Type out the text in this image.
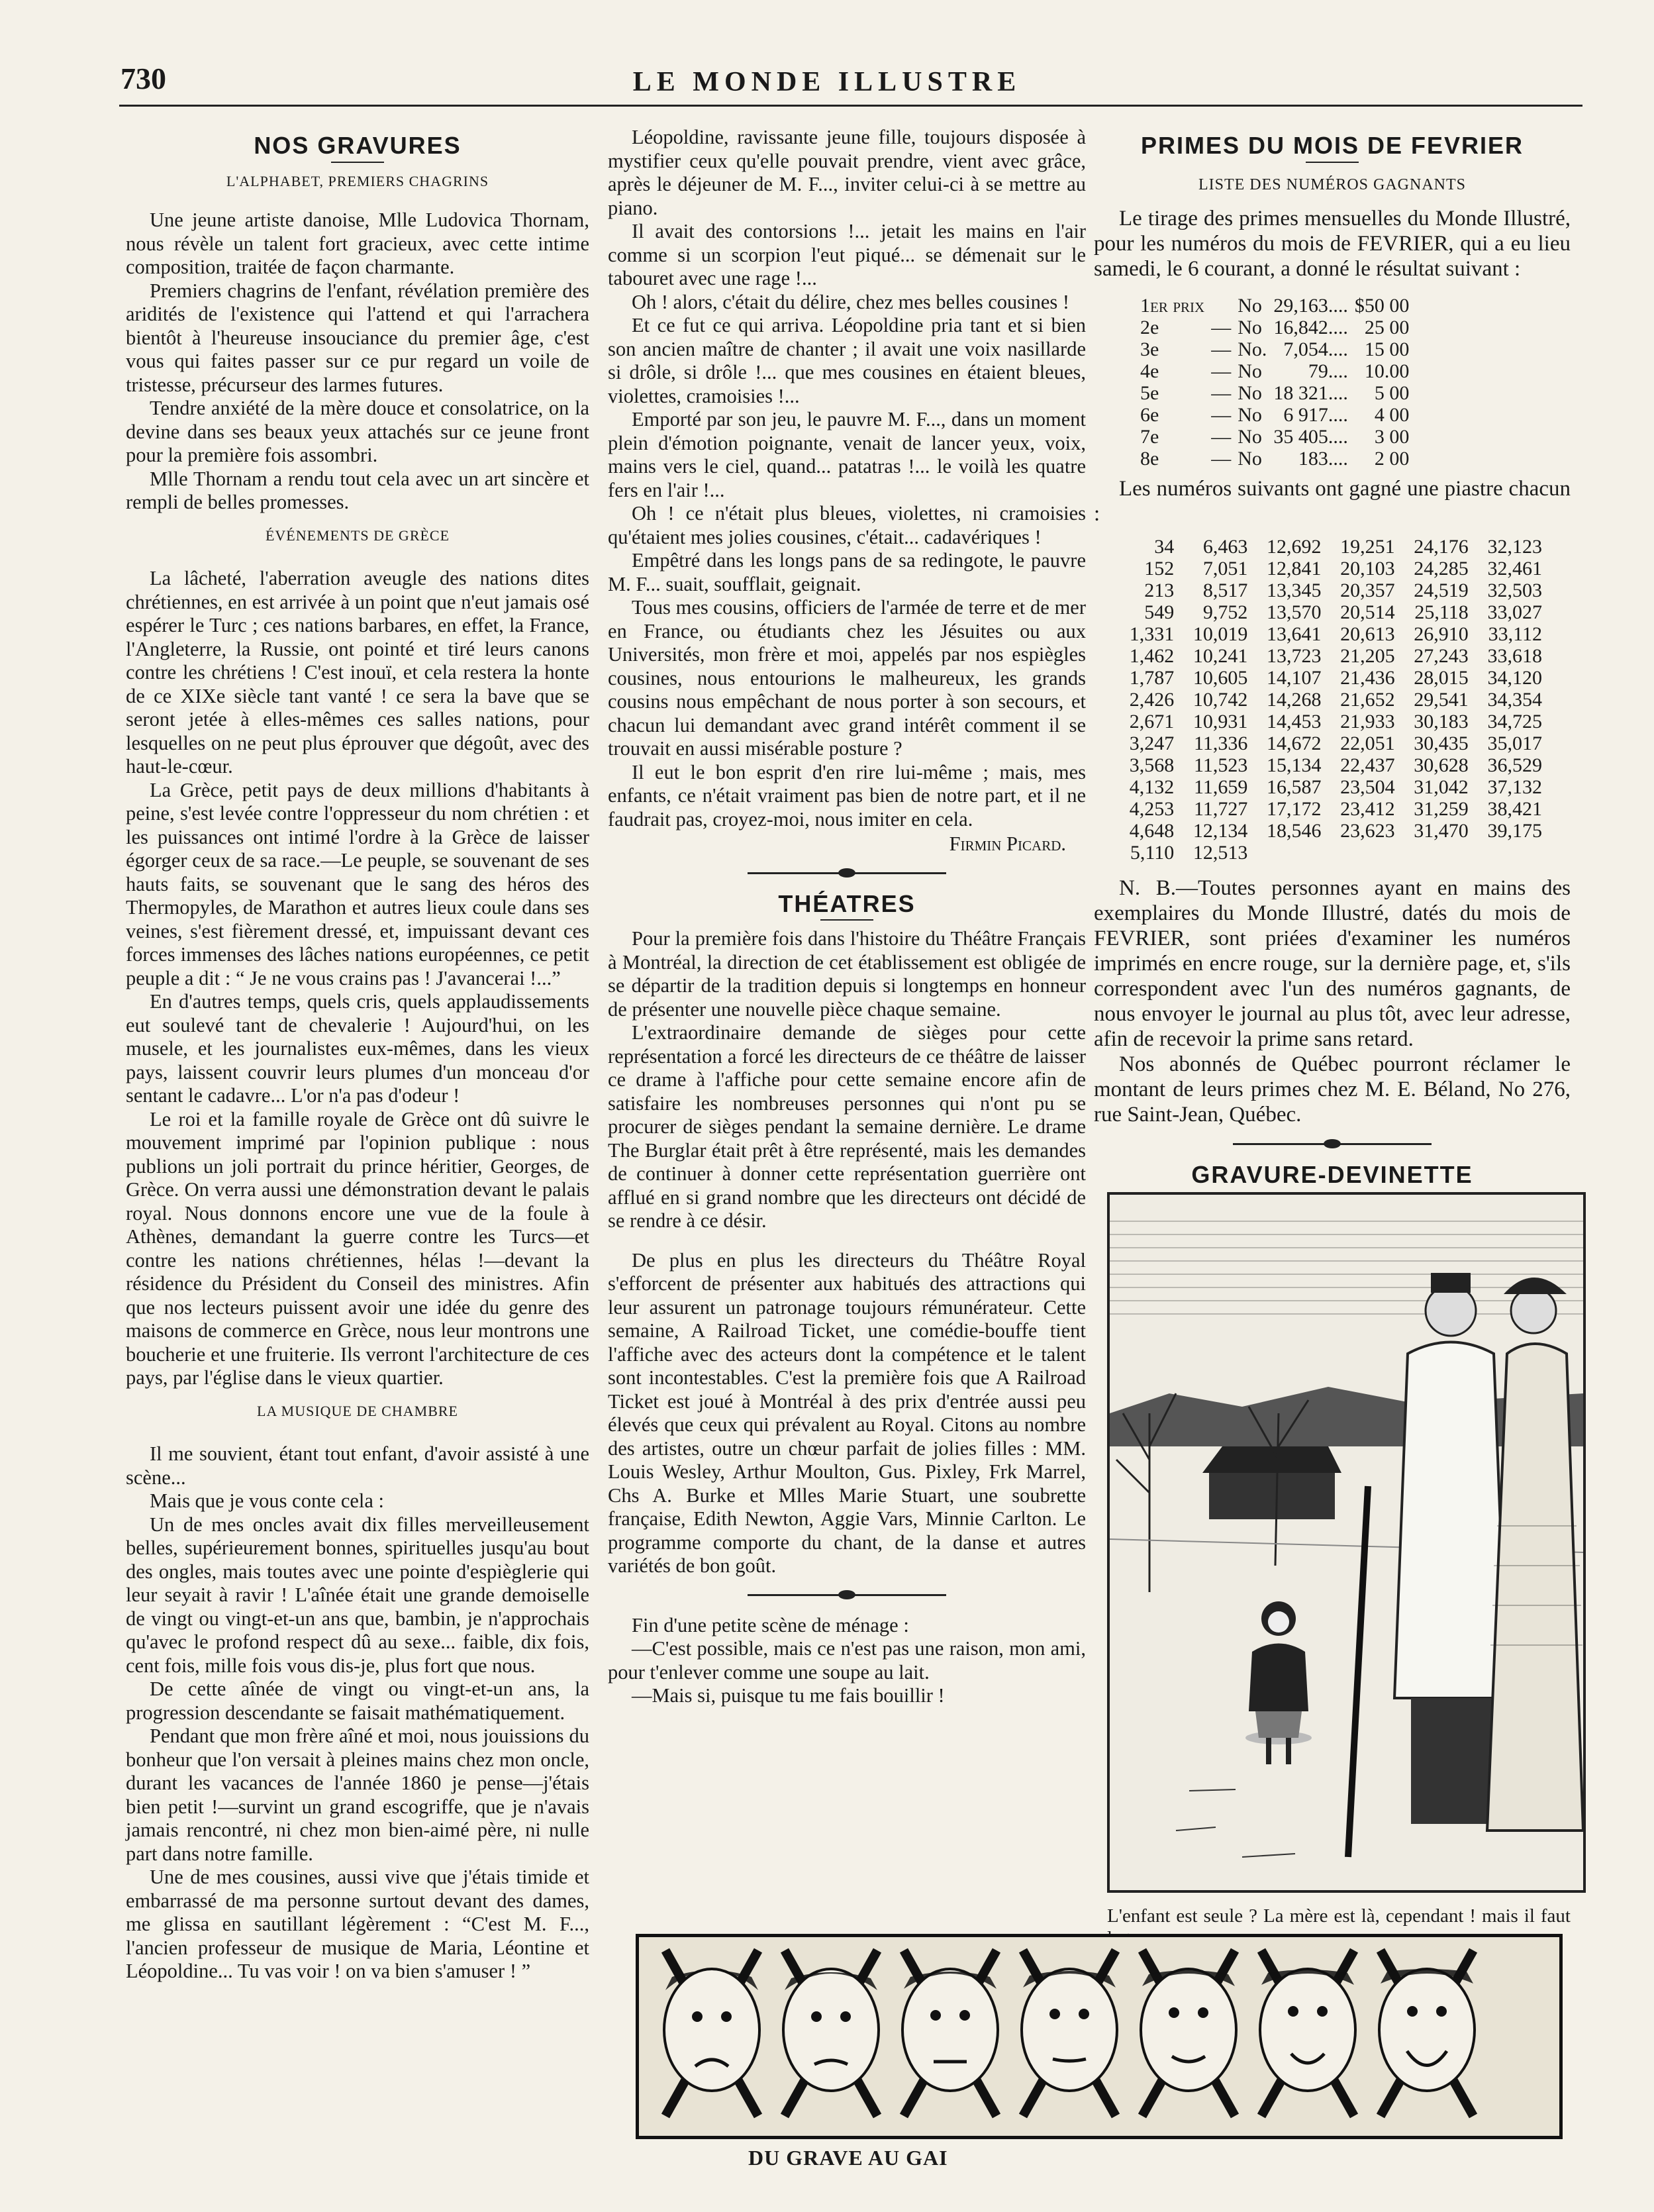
730	LE MONDE ILLUSTRE
NOS GRAVURES
L'ALPHABET, PREMIERS CHAGRINS

Une jeune artiste danoise, Mlle Ludovica Thornam, nous révèle un talent fort gracieux, avec cette intime composition, traitée de façon charmante.

Premiers chagrins de l'enfant, révélation première des aridités de l'existence qui l'attend et qui l'arrachera bientôt à l'heureuse insouciance du premier âge, c'est vous qui faites passer sur ce pur regard un voile de tristesse, précurseur des larmes futures.

Tendre anxiété de la mère douce et consolatrice, on la devine dans ses beaux yeux attachés sur ce jeune front pour la première fois assombri.

Mlle Thornam a rendu tout cela avec un art sincère et rempli de belles promesses.

ÉVÉNEMENTS DE GRÈCE

La lâcheté, l'aberration aveugle des nations dites chrétiennes, en est arrivée à un point que n'eut jamais osé espérer le Turc ; ces nations barbares, en effet, la France, l'Angleterre, la Russie, ont pointé et tiré leurs canons contre les chrétiens ! C'est inouï, et cela restera la honte de ce XIXe siècle tant vanté ! ce sera la bave que se seront jetée à elles-mêmes ces salles nations, pour lesquelles on ne peut plus éprouver que dégoût, avec des haut-le-cœur.

La Grèce, petit pays de deux millions d'habitants à peine, s'est levée contre l'oppresseur du nom chrétien : et les puissances ont intimé l'ordre à la Grèce de laisser égorger ceux de sa race.—Le peuple, se souvenant de ses hauts faits, se souvenant que le sang des héros des Thermopyles, de Marathon et autres lieux coule dans ses veines, s'est fièrement dressé, et, impuissant devant ces forces immenses des lâches nations européennes, ce petit peuple a dit : “ Je ne vous crains pas ! J'avancerai !...”

En d'autres temps, quels cris, quels applaudissements eut soulevé tant de chevalerie ! Aujourd'hui, on les musele, et les journalistes eux-mêmes, dans les vieux pays, laissent couvrir leurs plumes d'un monceau d'or sentant le cadavre... L'or n'a pas d'odeur !

Le roi et la famille royale de Grèce ont dû suivre le mouvement imprimé par l'opinion publique : nous publions un joli portrait du prince héritier, Georges, de Grèce. On verra aussi une démonstration devant le palais royal. Nous donnons encore une vue de la foule à Athènes, demandant la guerre contre les Turcs—et contre les nations chrétiennes, hélas !—devant la résidence du Président du Conseil des ministres. Afin que nos lecteurs puissent avoir une idée du genre des maisons de commerce en Grèce, nous leur montrons une boucherie et une fruiterie. Ils verront l'architecture de ces pays, par l'église dans le vieux quartier.

LA MUSIQUE DE CHAMBRE

Il me souvient, étant tout enfant, d'avoir assisté à une scène...

Mais que je vous conte cela :

Un de mes oncles avait dix filles merveilleusement belles, supérieurement bonnes, spirituelles jusqu'au bout des ongles, mais toutes avec une pointe d'espièglerie qui leur seyait à ravir ! L'aînée était une grande demoiselle de vingt ou vingt-et-un ans que, bambin, je n'approchais qu'avec le profond respect dû au sexe... faible, dix fois, cent fois, mille fois vous dis-je, plus fort que nous.

De cette aînée de vingt ou vingt-et-un ans, la progression descendante se faisait mathématiquement.

Pendant que mon frère aîné et moi, nous jouissions du bonheur que l'on versait à pleines mains chez mon oncle, durant les vacances de l'année 1860 je pense—j'étais bien petit !—survint un grand escogriffe, que je n'avais jamais rencontré, ni chez mon bien-aimé père, ni nulle part dans notre famille.

Une de mes cousines, aussi vive que j'étais timide et embarrassé de ma personne surtout devant des dames, me glissa en sautillant légèrement : “C'est M. F..., l'ancien professeur de musique de Maria, Léontine et Léopoldine... Tu vas voir ! on va bien s'amuser ! ”

Léopoldine, ravissante jeune fille, toujours disposée à mystifier ceux qu'elle pouvait prendre, vient avec grâce, après le déjeuner de M. F..., inviter celui-ci à se mettre au piano.

Il avait des contorsions !... jetait les mains en l'air comme si un scorpion l'eut piqué... se démenait sur le tabouret avec une rage !...

Oh ! alors, c'était du délire, chez mes belles cousines !

Et ce fut ce qui arriva. Léopoldine pria tant et si bien son ancien maître de chanter ; il avait une voix nasillarde si drôle, si drôle !... que mes cousines en étaient bleues, violettes, cramoisies !...

Emporté par son jeu, le pauvre M. F..., dans un moment plein d'émotion poignante, venait de lancer yeux, voix, mains vers le ciel, quand... patatras !... le voilà les quatre fers en l'air !...

Oh ! ce n'était plus bleues, violettes, ni cramoisies qu'étaient mes jolies cousines, c'était... cadavériques !

Empêtré dans les longs pans de sa redingote, le pauvre M. F... suait, soufflait, geignait.

Tous mes cousins, officiers de l'armée de terre et de mer en France, ou étudiants chez les Jésuites ou aux Universités, mon frère et moi, appelés par nos espiègles cousines, nous entourions le malheureux, les grands cousins nous empêchant de nous porter à son secours, et chacun lui demandant avec grand intérêt comment il se trouvait en aussi misérable posture ?

Il eut le bon esprit d'en rire lui-même ; mais, mes enfants, ce n'était vraiment pas bien de notre part, et il ne faudrait pas, croyez-moi, nous imiter en cela.

Firmin Picard.
THÉATRES

Pour la première fois dans l'histoire du Théâtre Français à Montréal, la direction de cet établissement est obligée de se départir de la tradition depuis si longtemps en honneur de présenter une nouvelle pièce chaque semaine.

L'extraordinaire demande de sièges pour cette représentation a forcé les directeurs de ce théâtre de laisser ce drame à l'affiche pour cette semaine encore afin de satisfaire les nombreuses personnes qui n'ont pu se procurer de sièges pendant la semaine dernière. Le drame The Burglar était prêt à être représenté, mais les demandes de continuer à donner cette représentation guerrière ont afflué en si grand nombre que les directeurs ont décidé de se rendre à ce désir.

De plus en plus les directeurs du Théâtre Royal s'efforcent de présenter aux habitués des attractions qui leur assurent un patronage toujours rémunérateur. Cette semaine, A Railroad Ticket, une comédie-bouffe tient l'affiche avec des acteurs dont la compétence et le talent sont incontestables. C'est la première fois que A Railroad Ticket est joué à Montréal à des prix d'entrée aussi peu élevés que ceux qui prévalent au Royal. Citons au nombre des artistes, outre un chœur parfait de jolies filles : MM. Louis Wesley, Arthur Moulton, Gus. Pixley, Frk Marrel, Chs A. Burke et Mlles Marie Stuart, une soubrette française, Edith Newton, Aggie Vars, Minnie Carlton. Le programme comporte du chant, de la danse et autres variétés de bon goût.

Fin d'une petite scène de ménage :

—C'est possible, mais ce n'est pas une raison, mon ami, pour t'enlever comme une soupe au lait.

—Mais si, puisque tu me fais bouillir !

PRIMES DU MOIS DE FEVRIER
LISTE DES NUMÉROS GAGNANTS

Le tirage des primes mensuelles du Monde Illustré, pour les numéros du mois de FEVRIER, qui a eu lieu samedi, le 6 courant, a donné le résultat suivant :

1er prix		No	29,163....	$50 00
2e	—	No	16,842....	25 00
3e	—	No.	7,054....	15 00
4e	—	No	79....	10.00
5e	—	No	18 321....	5 00
6e	—	No	6 917....	4 00
7e	—	No	35 405....	3 00
8e	—	No	183....	2 00

Les numéros suivants ont gagné une piastre chacun :

34	6,463	12,692	19,251	24,176	32,123
152	7,051	12,841	20,103	24,285	32,461
213	8,517	13,345	20,357	24,519	32,503
549	9,752	13,570	20,514	25,118	33,027
1,331	10,019	13,641	20,613	26,910	33,112
1,462	10,241	13,723	21,205	27,243	33,618
1,787	10,605	14,107	21,436	28,015	34,120
2,426	10,742	14,268	21,652	29,541	34,354
2,671	10,931	14,453	21,933	30,183	34,725
3,247	11,336	14,672	22,051	30,435	35,017
3,568	11,523	15,134	22,437	30,628	36,529
4,132	11,659	16,587	23,504	31,042	37,132
4,253	11,727	17,172	23,412	31,259	38,421
4,648	12,134	18,546	23,623	31,470	39,175
5,110	12,513				

N. B.—Toutes personnes ayant en mains des exemplaires du Monde Illustré, datés du mois de FEVRIER, sont priées d'examiner les numéros imprimés en encre rouge, sur la dernière page, et, s'ils correspondent avec l'un des numéros gagnants, de nous envoyer le journal au plus tôt, avec leur adresse, afin de recevoir la prime sans retard.

Nos abonnés de Québec pourront réclamer le montant de leurs primes chez M. E. Béland, No 276, rue Saint-Jean, Québec.

GRAVURE-DEVINETTE
L'enfant est seule ? La mère est là, cependant ! mais il faut
DU GRAVE AU GAI
